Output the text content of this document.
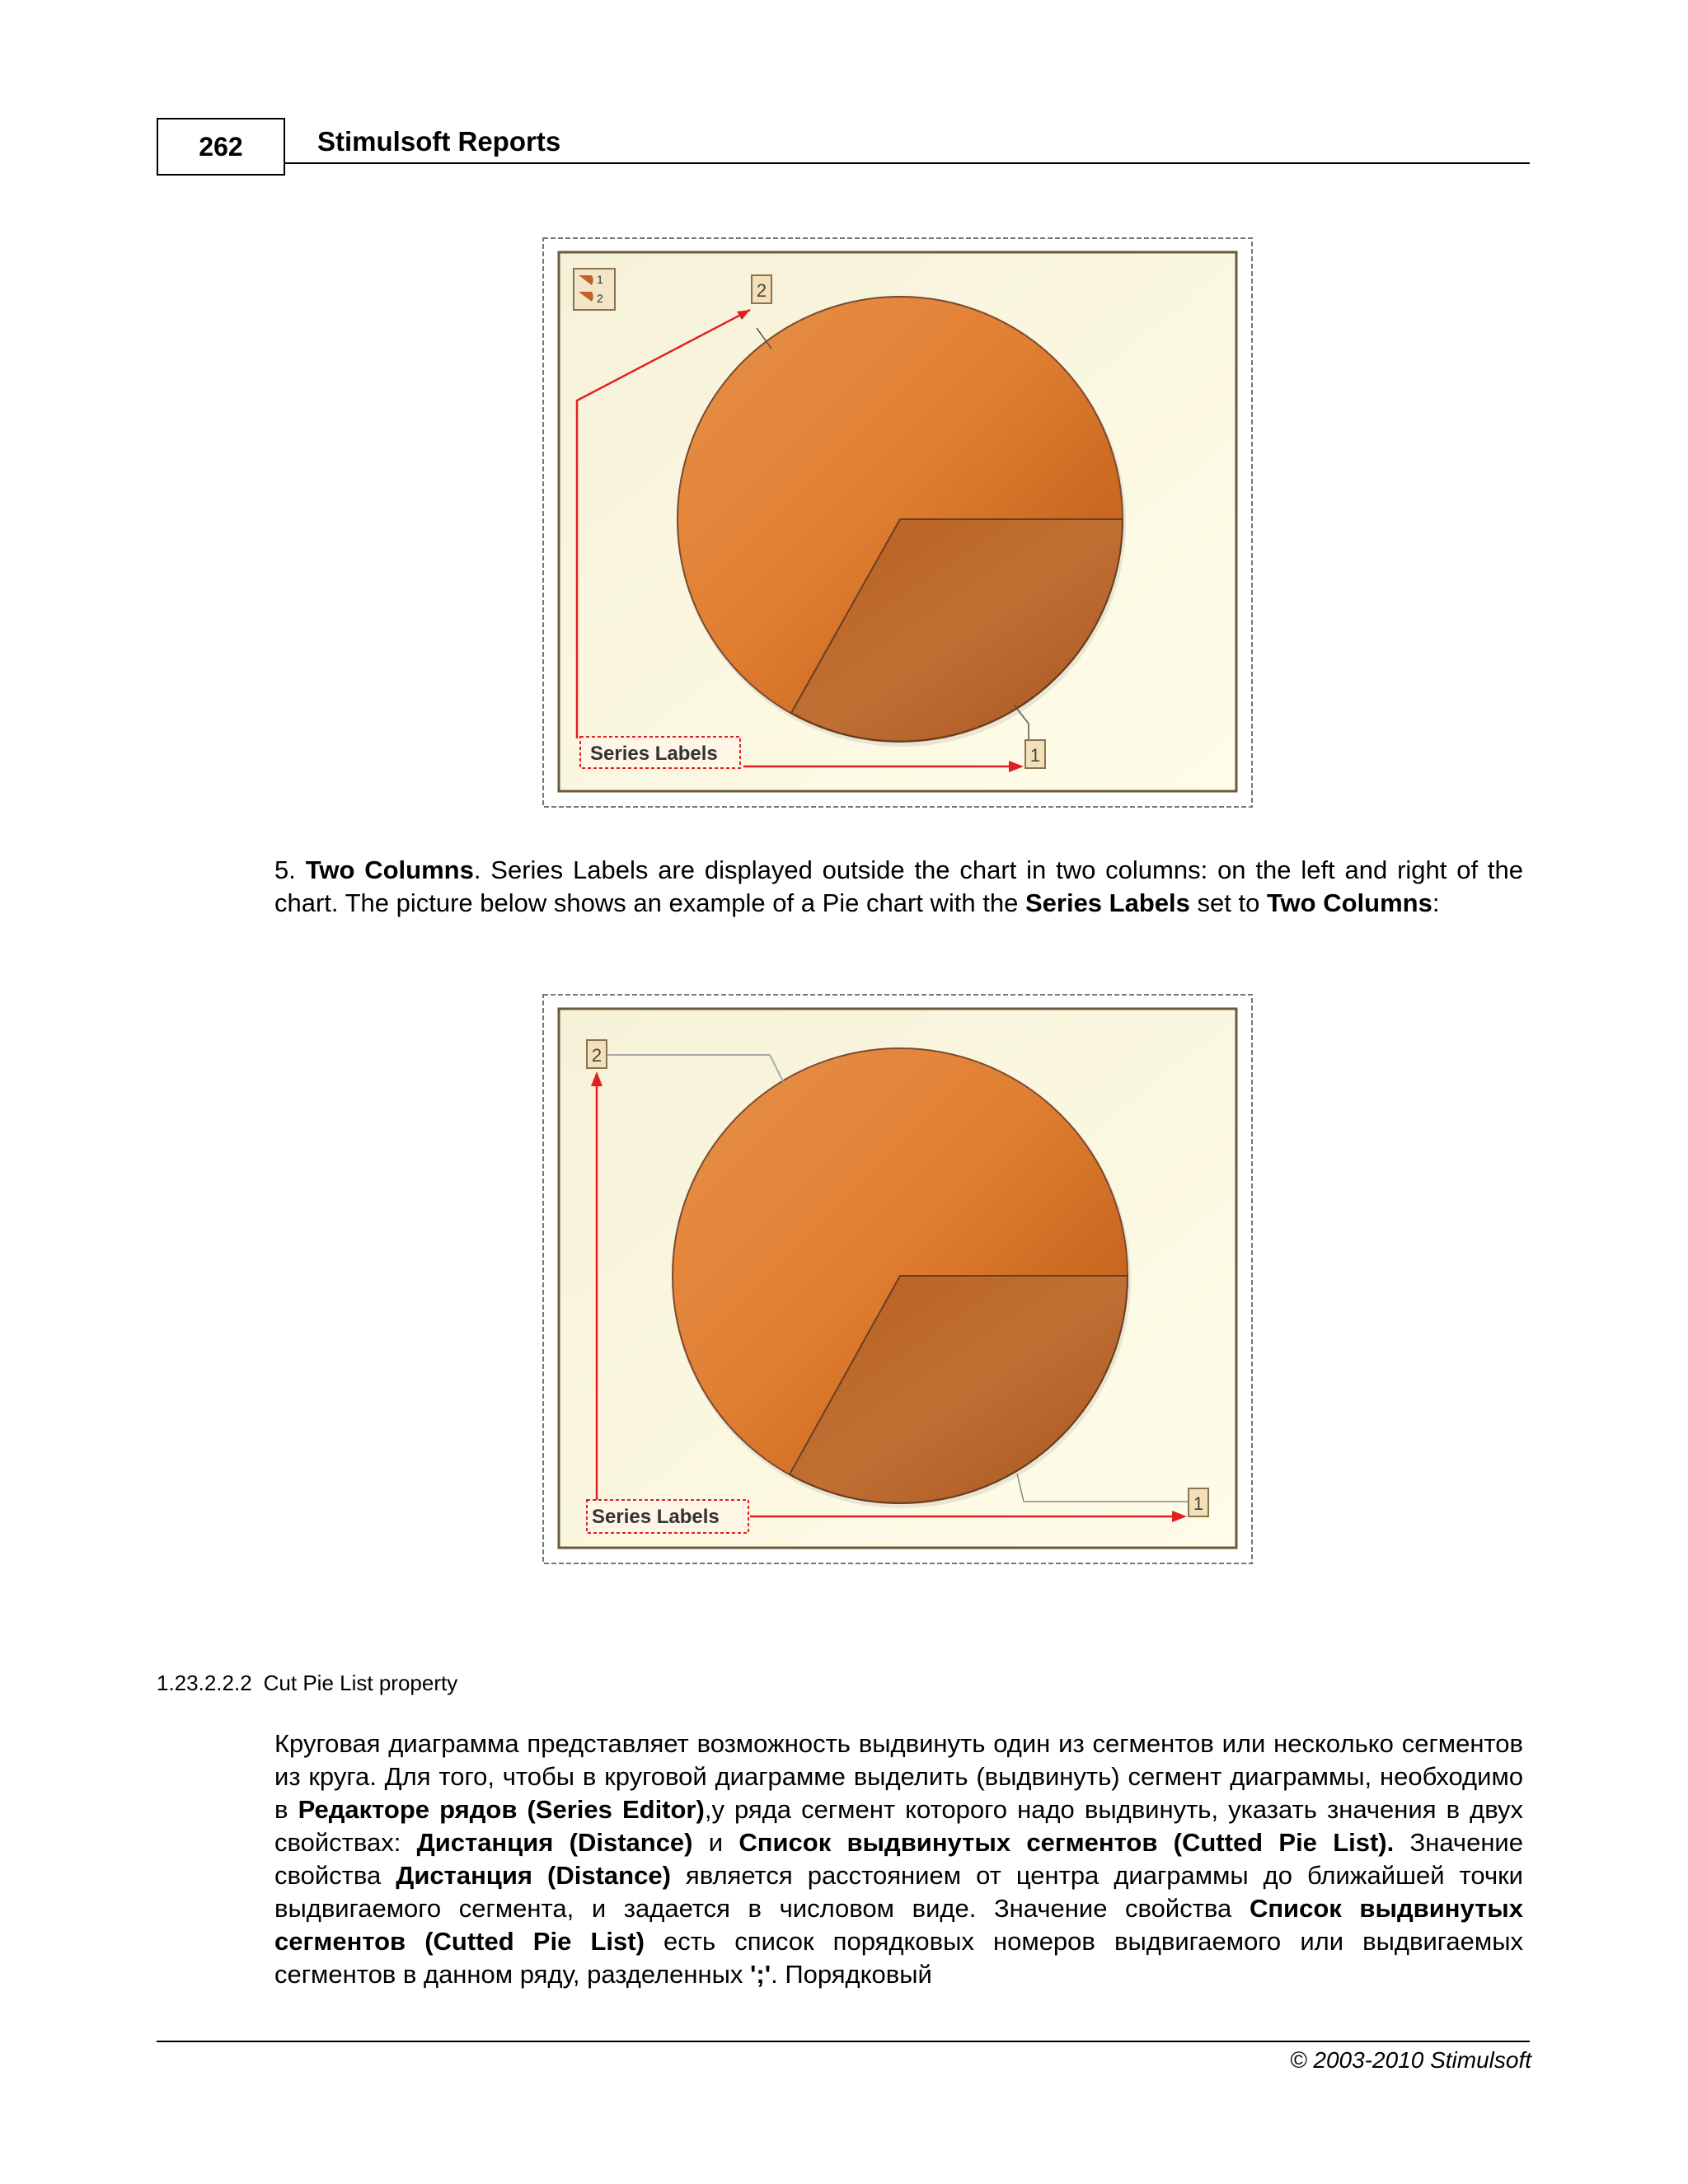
262	Stimulsoft Reports
1
2	2
1
Series Labels
5. Two Columns. Series Labels are displayed outside the chart in two columns: on the left and right of the chart. The picture below shows an example of a Pie chart with the Series Labels set to Two Columns:
2
1
Series Labels
1.23.2.2.2 Cut Pie List property
Круговая диаграмма представляет возможность выдвинуть один из сегментов или несколько сегментов из круга. Для того, чтобы в круговой диаграмме выделить (выдвинуть) сегмент диаграммы, необходимо в Редакторе рядов (Series Editor),у ряда сегмент которого надо выдвинуть, указать значения в двух свойствах: Дистанция (Distance) и Список выдвинутых сегментов (Cutted Pie List). Значение свойства Дистанция (Distance) является расстоянием от центра диаграммы до ближайшей точки выдвигаемого сегмента, и задается в числовом виде. Значение свойства Список выдвинутых сегментов (Cutted Pie List) есть список порядковых номеров выдвигаемого или выдвигаемых сегментов в данном ряду, разделенных ';'. Порядковый
© 2003-2010 Stimulsoft
